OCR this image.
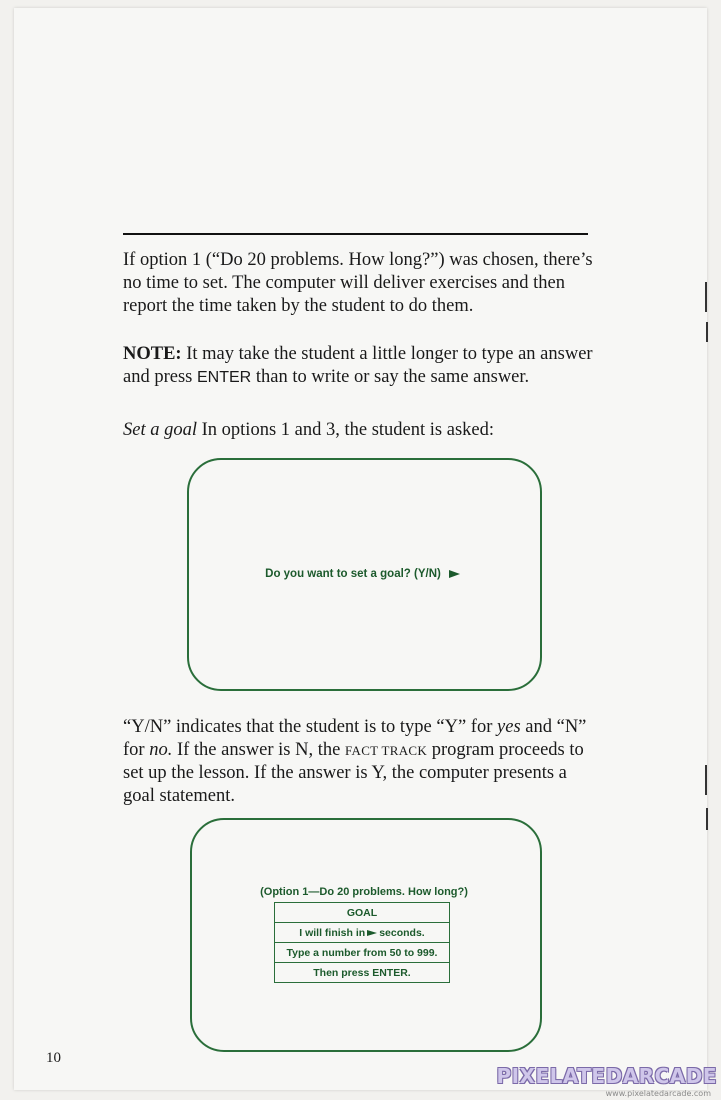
If option 1 (“Do 20 problems. How long?”) was chosen, there’s no time to set. The computer will deliver exercises and then report the time taken by the student to do them.

NOTE: It may take the student a little longer to type an answer and press ENTER than to write or say the same answer.

Set a goal In options 1 and 3, the student is asked:

Do you want to set a goal? (Y/N)

“Y/N” indicates that the student is to type “Y” for yes and “N” for no. If the answer is N, the FACT TRACK program proceeds to set up the lesson. If the answer is Y, the computer presents a goal statement.

(Option 1—Do 20 problems. How long?)
GOAL
I will finish in seconds.
Type a number from 50 to 999.
Then press ENTER.
10
PIXELATEDARCADE
www.pixelatedarcade.com
